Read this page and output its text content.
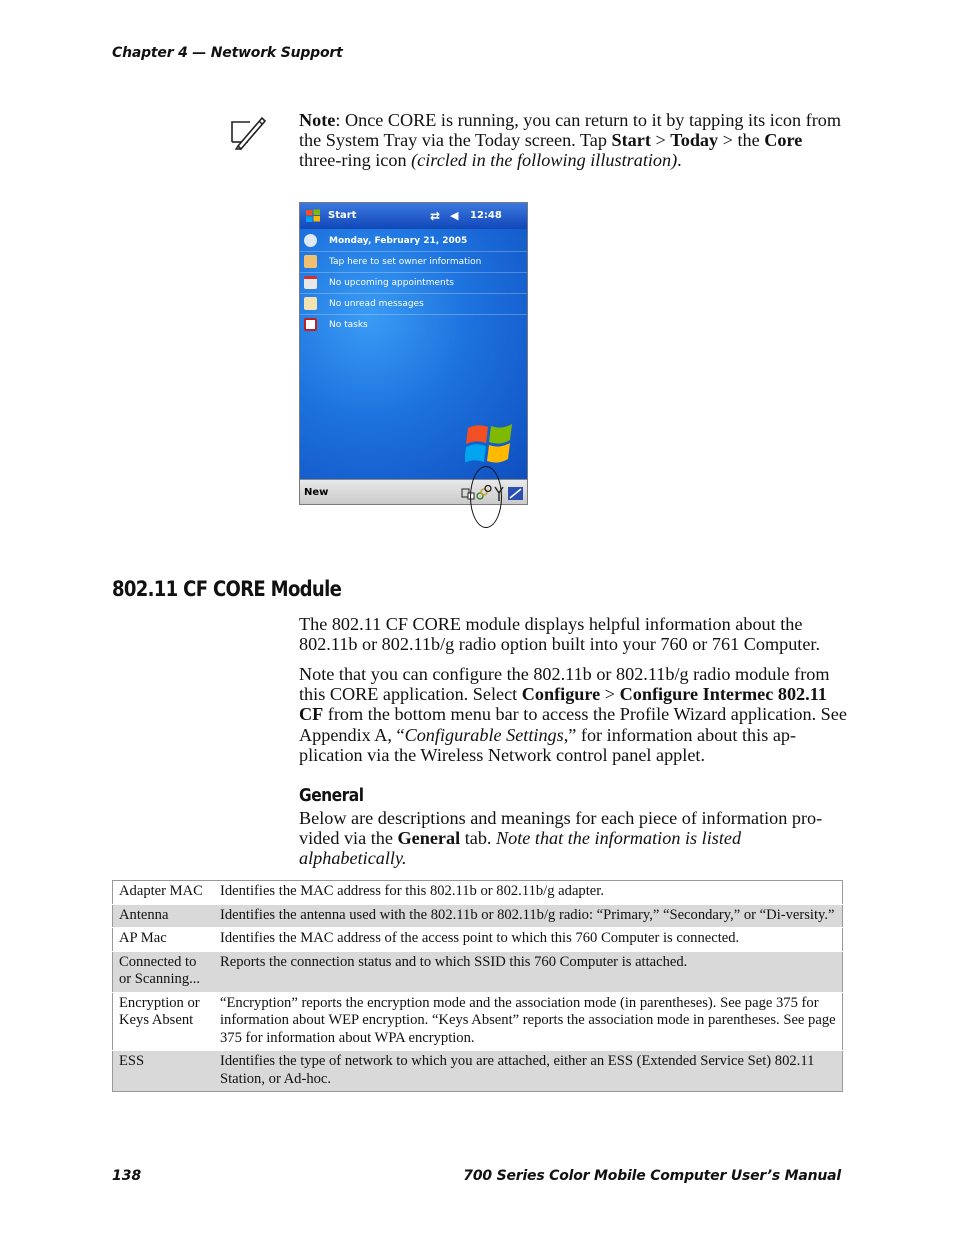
Chapter 4 — Network Support
Note: Once CORE is running, you can return to it by tapping its icon from the System Tray via the Today screen. Tap Start > Today > the Core three-ring icon (circled in the following illustration).
Start	⇄ ◀ 12:48
Monday, February 21, 2005
Tap here to set owner information
No upcoming appointments
No unread messages
No tasks
New
802.11 CF CORE Module
The 802.11 CF CORE module displays helpful information about the 802.11b or 802.11b/g radio option built into your 760 or 761 Computer.
Note that you can configure the 802.11b or 802.11b/g radio module from this CORE application. Select Configure > Configure Intermec 802.11 CF from the bottom menu bar to access the Profile Wizard application. See Appendix A, “Configurable Settings,” for information about this ap-plication via the Wireless Network control panel applet.
General
Below are descriptions and meanings for each piece of information pro-vided via the General tab. Note that the information is listed alphabetically.
Adapter MAC	Identifies the MAC address for this 802.11b or 802.11b/g adapter.
Antenna	Identifies the antenna used with the 802.11b or 802.11b/g radio: “Primary,” “Secondary,” or “Di-versity.”
AP Mac	Identifies the MAC address of the access point to which this 760 Computer is connected.
Connected to or Scanning...	Reports the connection status and to which SSID this 760 Computer is attached.
Encryption or Keys Absent	“Encryption” reports the encryption mode and the association mode (in parentheses). See page 375 for information about WEP encryption. “Keys Absent” reports the association mode in parentheses. See page 375 for information about WPA encryption.
ESS	Identifies the type of network to which you are attached, either an ESS (Extended Service Set) 802.11 Station, or Ad-hoc.
138	700 Series Color Mobile Computer User’s Manual
